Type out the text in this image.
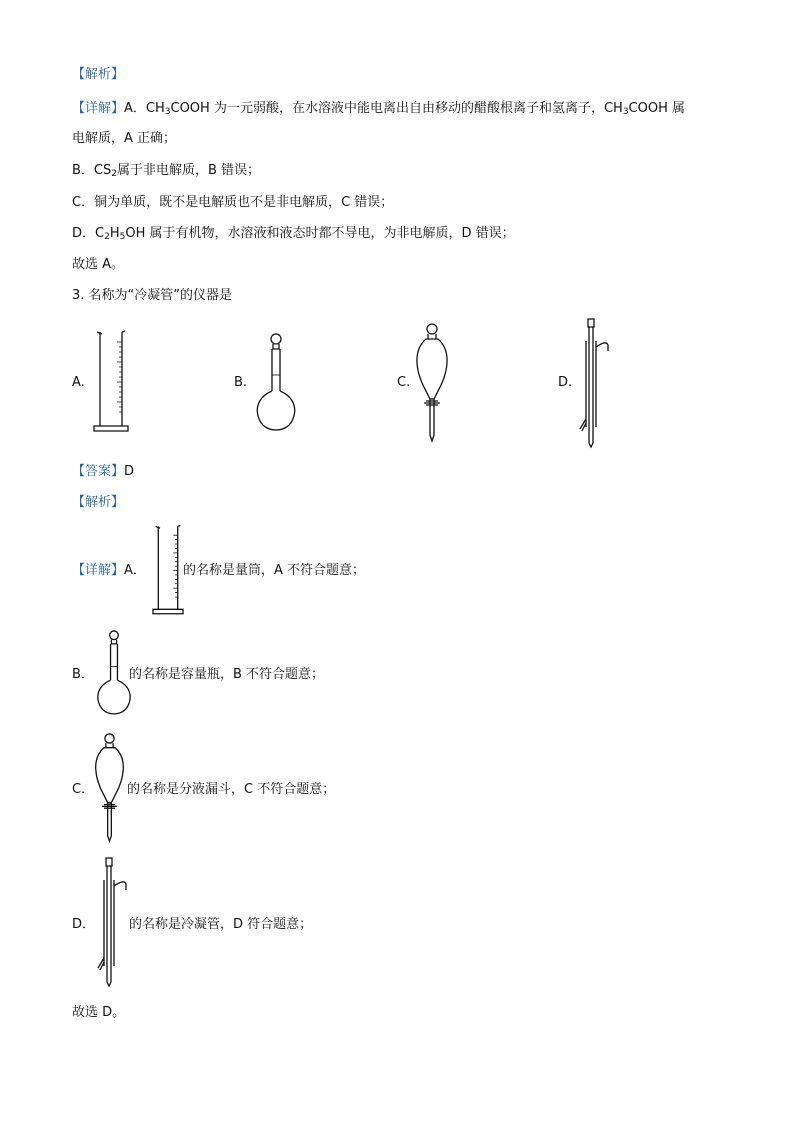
【解析】
【详解】A．$CH_3COOH$ 为一元弱酸，在水溶液中能电离出自由移动的醋酸根离子和氢离子，$CH_3COOH$ 属
电解质，A 正确；
B．$CS_2$属于非电解质，B 错误；
C．铜为单质，既不是电解质也不是非电解质，C 错误；
D．$C_2H_5OH$ 属于有机物，水溶液和液态时都不导电，为非电解质，D 错误；
故选 A。
3. 名称为“冷凝管”的仪器是
A.	B.	C.	D.
【答案】D
【解析】
【详解】A．	的名称是量筒，A 不符合题意；
B．	的名称是容量瓶，B 不符合题意；
C．	的名称是分液漏斗，C 不符合题意；
D．	的名称是冷凝管，D 符合题意；
故选 D。
